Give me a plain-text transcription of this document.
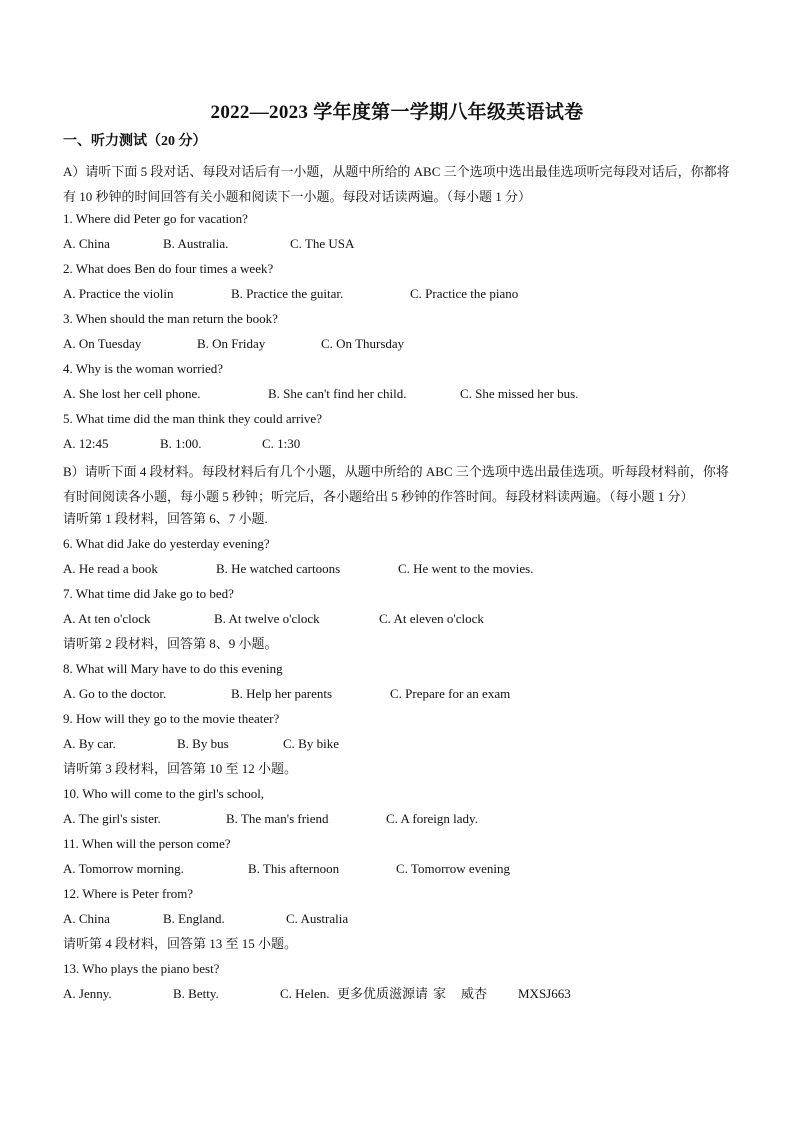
2022—2023 学年度第一学期八年级英语试卷
一、听力测试（20 分）
A）请听下面 5 段对话、每段对话后有一小题，从题中所给的 ABC 三个选项中选出最佳选项听完每段对话后，你都将有 10 秒钟的时间回答有关小题和阅读下一小题。每段对话读两遍。（每小题 1 分）
1. Where did Peter go for vacation?
A. China	B. Australia.	C. The USA
2. What does Ben do four times a week?
A. Practice the violin	B. Practice the guitar.	C. Practice the piano
3. When should the man return the book?
A. On Tuesday	B. On Friday	C. On Thursday
4. Why is the woman worried?
A. She lost her cell phone.	B. She can't find her child.	C. She missed her bus.
5. What time did the man think they could arrive?
A. 12:45	B. 1:00.	C. 1:30
B）请听下面 4 段材料。每段材料后有几个小题，从题中所给的 ABC 三个选项中选出最佳选项。听每段材料前，你将有时间阅读各小题，每小题 5 秒钟；听完后，各小题给出 5 秒钟的作答时间。每段材料读两遍。（每小题 1 分）
请听第 1 段材料，回答第 6、7 小题.
6. What did Jake do yesterday evening?
A. He read a book	B. He watched cartoons	C. He went to the movies.
7. What time did Jake go to bed?
A. At ten o'clock	B. At twelve o'clock	C. At eleven o'clock
请听第 2 段材料，回答第 8、9 小题。
8. What will Mary have to do this evening
A. Go to the doctor.	B. Help her parents	C. Prepare for an exam
9. How will they go to the movie theater?
A. By car.	B. By bus	C. By bike
请听第 3 段材料，回答第 10 至 12 小题。
10. Who will come to the girl's school,
A. The girl's sister.	B. The man's friend	C. A foreign lady.
11. When will the person come?
A. Tomorrow morning.	B. This afternoon	C. Tomorrow evening
12. Where is Peter from?
A. China	B. England.	C. Australia
请听第 4 段材料，回答第 13 至 15 小题。
13. Who plays the piano best?
A. Jenny.	B. Betty.	C. Helen. 更多优质滋源请 家	威杏	MXSJ663
